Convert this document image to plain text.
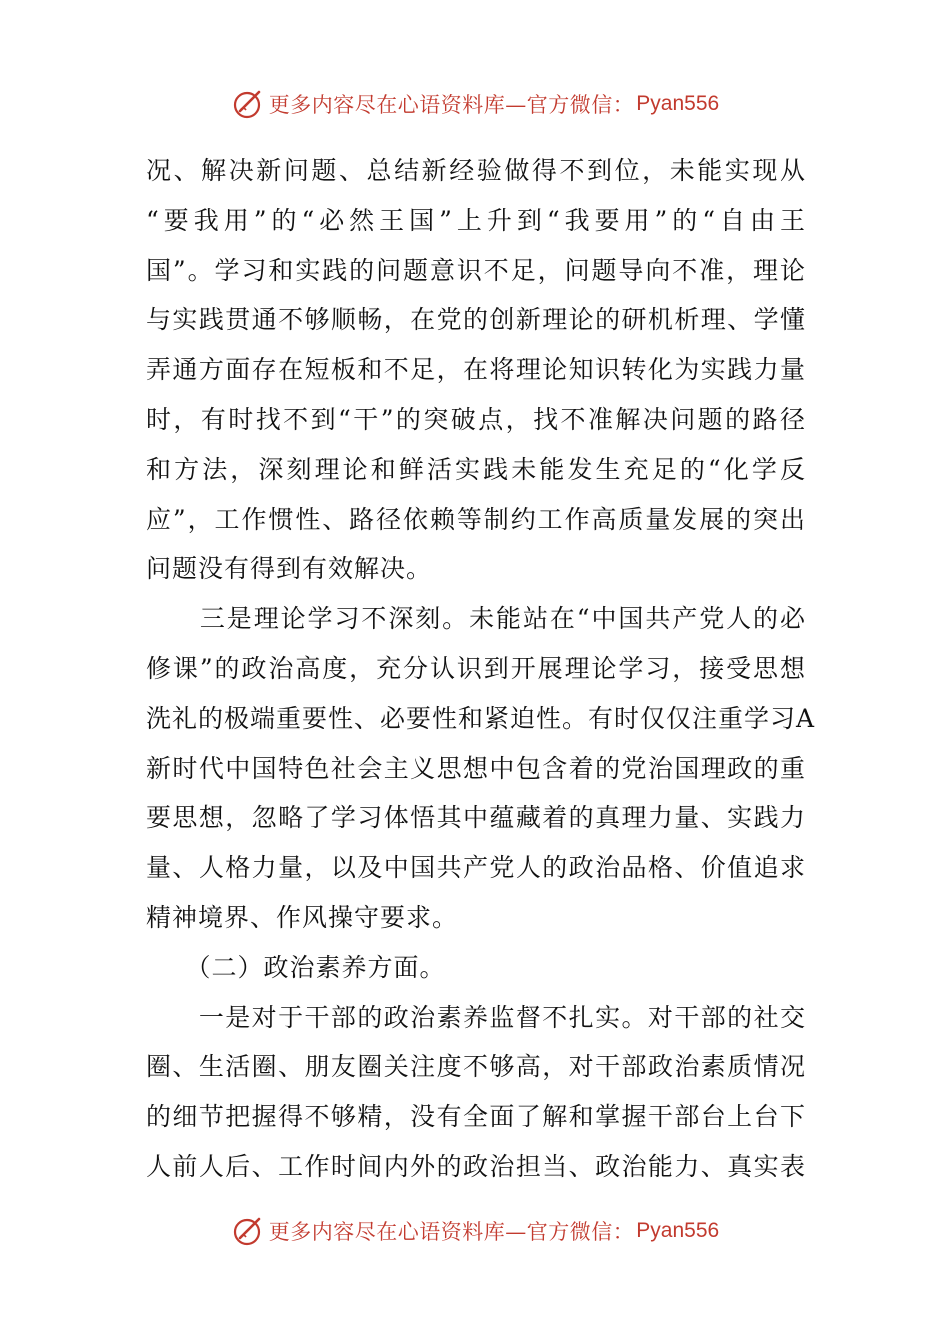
更多内容尽在心语资料库—官方微信： Pyan556
况、解决新问题、总结新经验做得不到位，未能实现从
“要我用”的“必然王国”上升到“我要用”的“自由王
国”。学习和实践的问题意识不足，问题导向不准，理论
与实践贯通不够顺畅，在党的创新理论的研机析理、学懂
弄通方面存在短板和不足，在将理论知识转化为实践力量
时，有时找不到“干”的突破点，找不准解决问题的路径
和方法，深刻理论和鲜活实践未能发生充足的“化学反
应”，工作惯性、路径依赖等制约工作高质量发展的突出
问题没有得到有效解决。
　　三是理论学习不深刻。未能站在“中国共产党人的必
修课”的政治高度，充分认识到开展理论学习，接受思想
洗礼的极端重要性、必要性和紧迫性。有时仅仅注重学习A
新时代中国特色社会主义思想中包含着的党治国理政的重
要思想，忽略了学习体悟其中蕴藏着的真理力量、实践力
量、人格力量，以及中国共产党人的政治品格、价值追求
精神境界、作风操守要求。
　　（二）政治素养方面。
　　一是对于干部的政治素养监督不扎实。对干部的社交
圈、生活圈、朋友圈关注度不够高，对干部政治素质情况
的细节把握得不够精，没有全面了解和掌握干部台上台下
人前人后、工作时间内外的政治担当、政治能力、真实表
更多内容尽在心语资料库—官方微信： Pyan556
